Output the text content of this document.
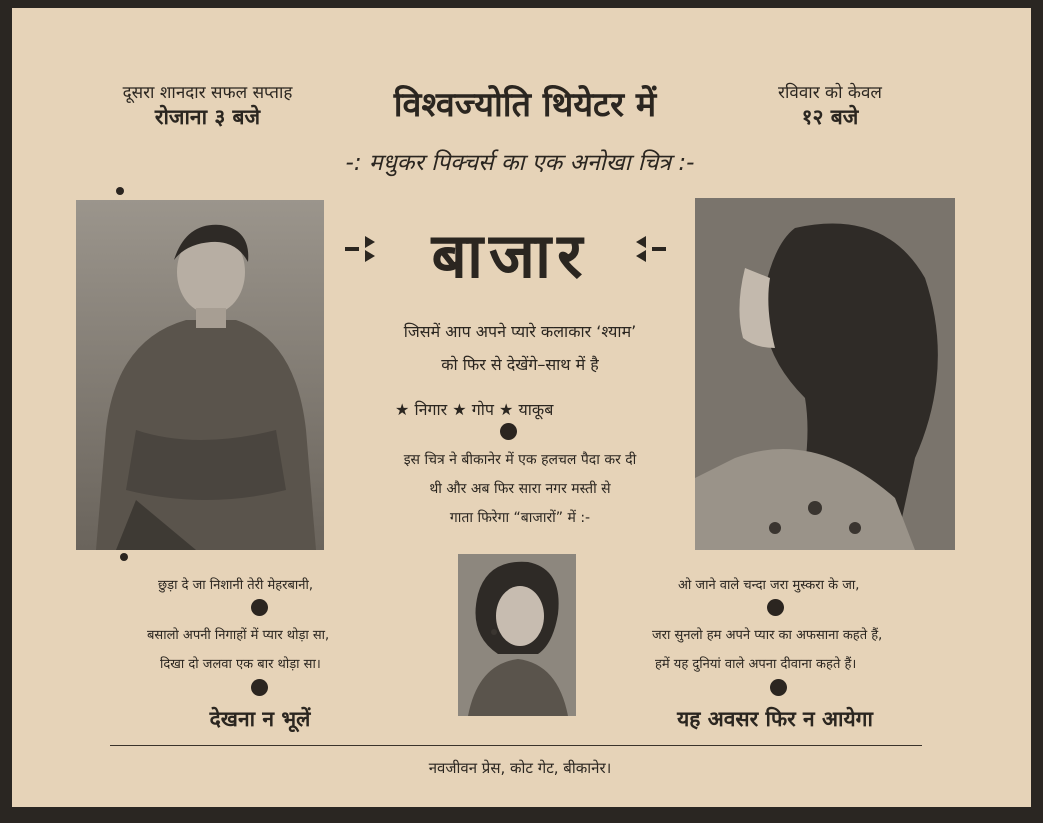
दूसरा शानदार सफल सप्ताह
रोजाना ३ बजे	विश्वज्योति थियेटर में	रविवार को केवल
१२ बजे
-: मधुकर पिक्चर्स का एक अनोखा चित्र :-
बाजार
जिसमें आप अपने प्यारे कलाकार ‘श्याम’
को फिर से देखेंगे–साथ में है
★ निगार ★ गोप ★ याकूब
इस चित्र ने बीकानेर में एक हलचल पैदा कर दी
थी और अब फिर सारा नगर मस्ती से
गाता फिरेगा “बाजारों” में :-
छुड़ा दे जा निशानी तेरी मेहरबानी,
बसालो अपनी निगाहों में प्यार थोड़ा सा,
दिखा दो जलवा एक बार थोड़ा सा।
देखना न भूलें
ओ जाने वाले चन्दा जरा मुस्करा के जा,
जरा सुनलो हम अपने प्यार का अफसाना कहते हैं,
हमें यह दुनियां वाले अपना दीवाना कहते हैं।
यह अवसर फिर न आयेगा
नवजीवन प्रेस, कोट गेट, बीकानेर।
